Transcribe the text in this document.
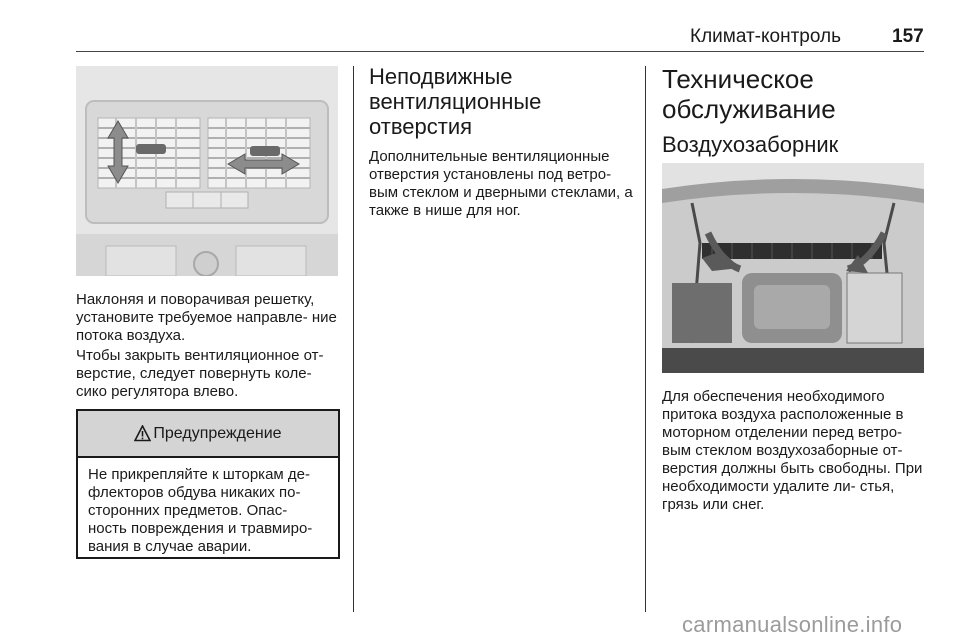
Климат-контроль	157

Наклоняя и поворачивая решетку, установите требуемое направле- ние потока воздуха.

Чтобы закрыть вентиляционное от- верстие, следует повернуть коле- сико регулятора влево.

Предупреждение
Не прикрепляйте к шторкам де- флекторов обдува никаких по- сторонних предметов. Опас- ность повреждения и травмиро- вания в случае аварии.
Неподвижные вентиляционные отверстия

Дополнительные вентиляционные отверстия установлены под ветро- вым стеклом и дверными стеклами, а также в нише для ног.

Техническое обслуживание
Воздухозаборник

Для обеспечения необходимого притока воздуха расположенные в моторном отделении перед ветро- вым стеклом воздухозаборные от- верстия должны быть свободны. При необходимости удалите ли- стья, грязь или снег.

carmanualsonline.info
